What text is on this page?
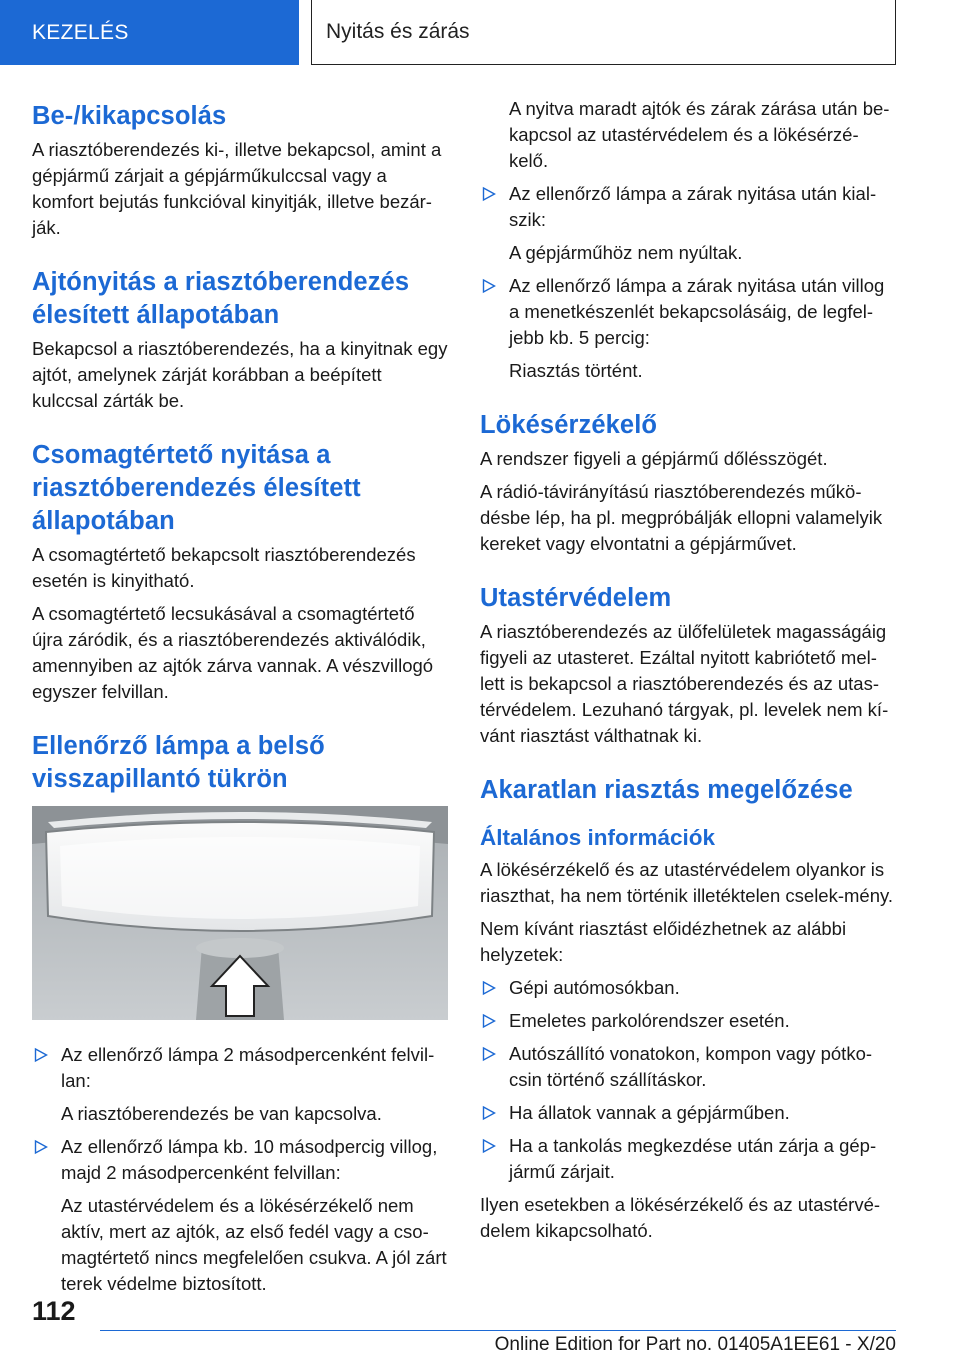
KEZELÉS	Nyitás és zárás
Be-/kikapcsolás

A riasztóberendezés ki-, illetve bekapcsol, amint a gépjármű zárjait a gépjárműkulccsal vagy a komfort bejutás funkcióval kinyitják, illetve bezár-ják.

Ajtónyitás a riasztóberendezés élesített állapotában

Bekapcsol a riasztóberendezés, ha a kinyitnak egy ajtót, amelynek zárját korábban a beépített kulccsal zárták be.

Csomagtértető nyitása a riasztóberendezés élesített állapotában

A csomagtértető bekapcsolt riasztóberendezés esetén is kinyitható.

A csomagtértető lecsukásával a csomagtértető újra záródik, és a riasztóberendezés aktiválódik, amennyiben az ajtók zárva vannak. A vészvillogó egyszer felvillan.

Ellenőrző lámpa a belső visszapillantó tükrön
Az ellenőrző lámpa 2 másodpercenként felvil-lan:

A riasztóberendezés be van kapcsolva.

Az ellenőrző lámpa kb. 10 másodpercig villog, majd 2 másodpercenként felvillan:

Az utastérvédelem és a lökésérzékelő nem aktív, mert az ajtók, az első fedél vagy a cso-magtértető nincs megfelelően csukva. A jól zárt terek védelme biztosított.

A nyitva maradt ajtók és zárak zárása után be-kapcsol az utastérvédelem és a lökésérzé-kelő.

Az ellenőrző lámpa a zárak nyitása után kial-szik:

A gépjárműhöz nem nyúltak.

Az ellenőrző lámpa a zárak nyitása után villog a menetkészenlét bekapcsolásáig, de legfel-jebb kb. 5 percig:

Riasztás történt.

Lökésérzékelő

A rendszer figyeli a gépjármű dőlésszögét.

A rádió-távirányítású riasztóberendezés műkö-désbe lép, ha pl. megpróbálják ellopni valamelyik kereket vagy elvontatni a gépjárművet.

Utastérvédelem

A riasztóberendezés az ülőfelületek magasságáig figyeli az utasteret. Ezáltal nyitott kabriótető mel-lett is bekapcsol a riasztóberendezés és az utas-térvédelem. Lezuhanó tárgyak, pl. levelek nem kí-vánt riasztást válthatnak ki.

Akaratlan riasztás megelőzése
Általános információk

A lökésérzékelő és az utastérvédelem olyankor is riaszthat, ha nem történik illetéktelen cselek-mény.

Nem kívánt riasztást előidézhetnek az alábbi helyzetek:

Gépi autómosókban.
Emeletes parkolórendszer esetén.
Autószállító vonatokon, kompon vagy pótko-csin történő szállításkor.
Ha állatok vannak a gépjárműben.
Ha a tankolás megkezdése után zárja a gép-jármű zárjait.

Ilyen esetekben a lökésérzékelő és az utastérvé-delem kikapcsolható.

112
Online Edition for Part no. 01405A1EE61 - X/20
